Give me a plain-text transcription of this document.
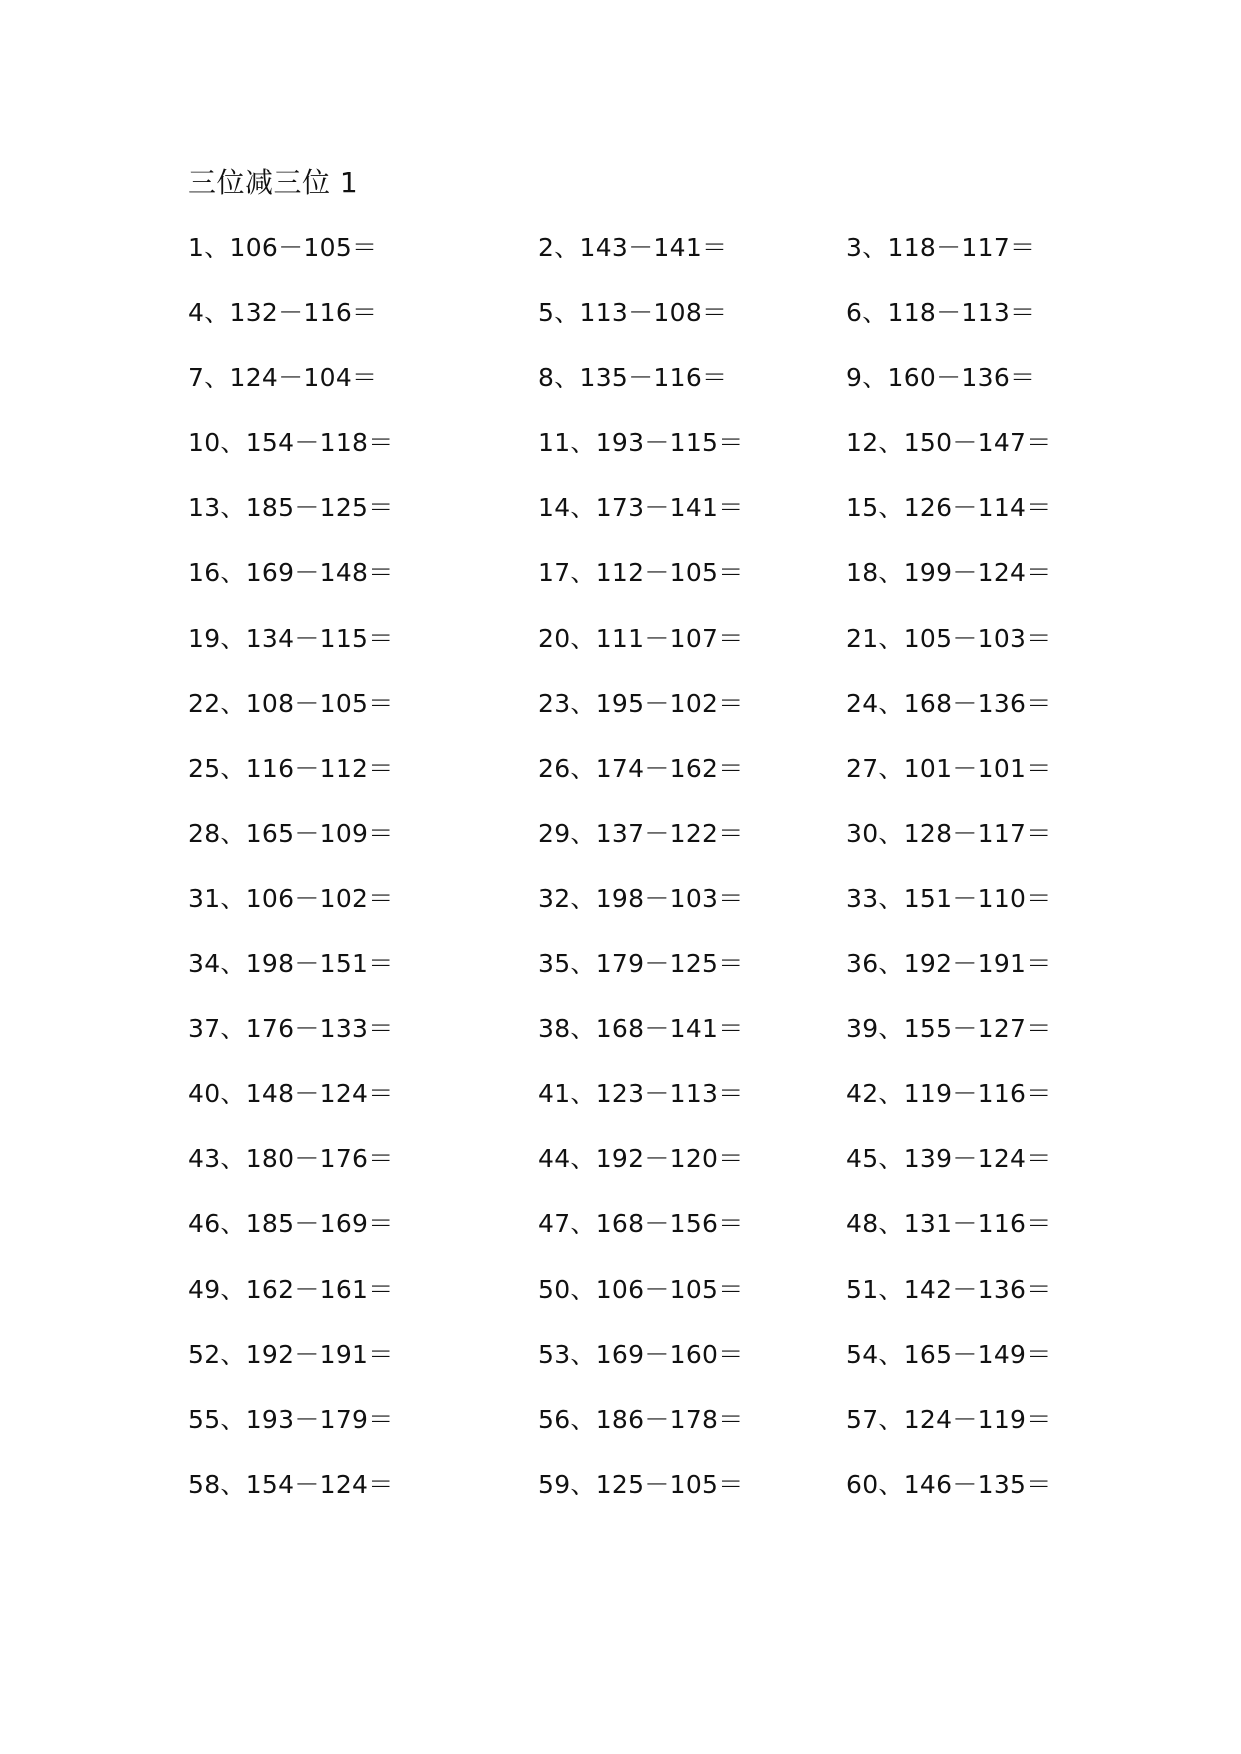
三位减三位 1
1、106－105＝	2、143－141＝	3、118－117＝
4、132－116＝	5、113－108＝	6、118－113＝
7、124－104＝	8、135－116＝	9、160－136＝
10、154－118＝	11、193－115＝	12、150－147＝
13、185－125＝	14、173－141＝	15、126－114＝
16、169－148＝	17、112－105＝	18、199－124＝
19、134－115＝	20、111－107＝	21、105－103＝
22、108－105＝	23、195－102＝	24、168－136＝
25、116－112＝	26、174－162＝	27、101－101＝
28、165－109＝	29、137－122＝	30、128－117＝
31、106－102＝	32、198－103＝	33、151－110＝
34、198－151＝	35、179－125＝	36、192－191＝
37、176－133＝	38、168－141＝	39、155－127＝
40、148－124＝	41、123－113＝	42、119－116＝
43、180－176＝	44、192－120＝	45、139－124＝
46、185－169＝	47、168－156＝	48、131－116＝
49、162－161＝	50、106－105＝	51、142－136＝
52、192－191＝	53、169－160＝	54、165－149＝
55、193－179＝	56、186－178＝	57、124－119＝
58、154－124＝	59、125－105＝	60、146－135＝
